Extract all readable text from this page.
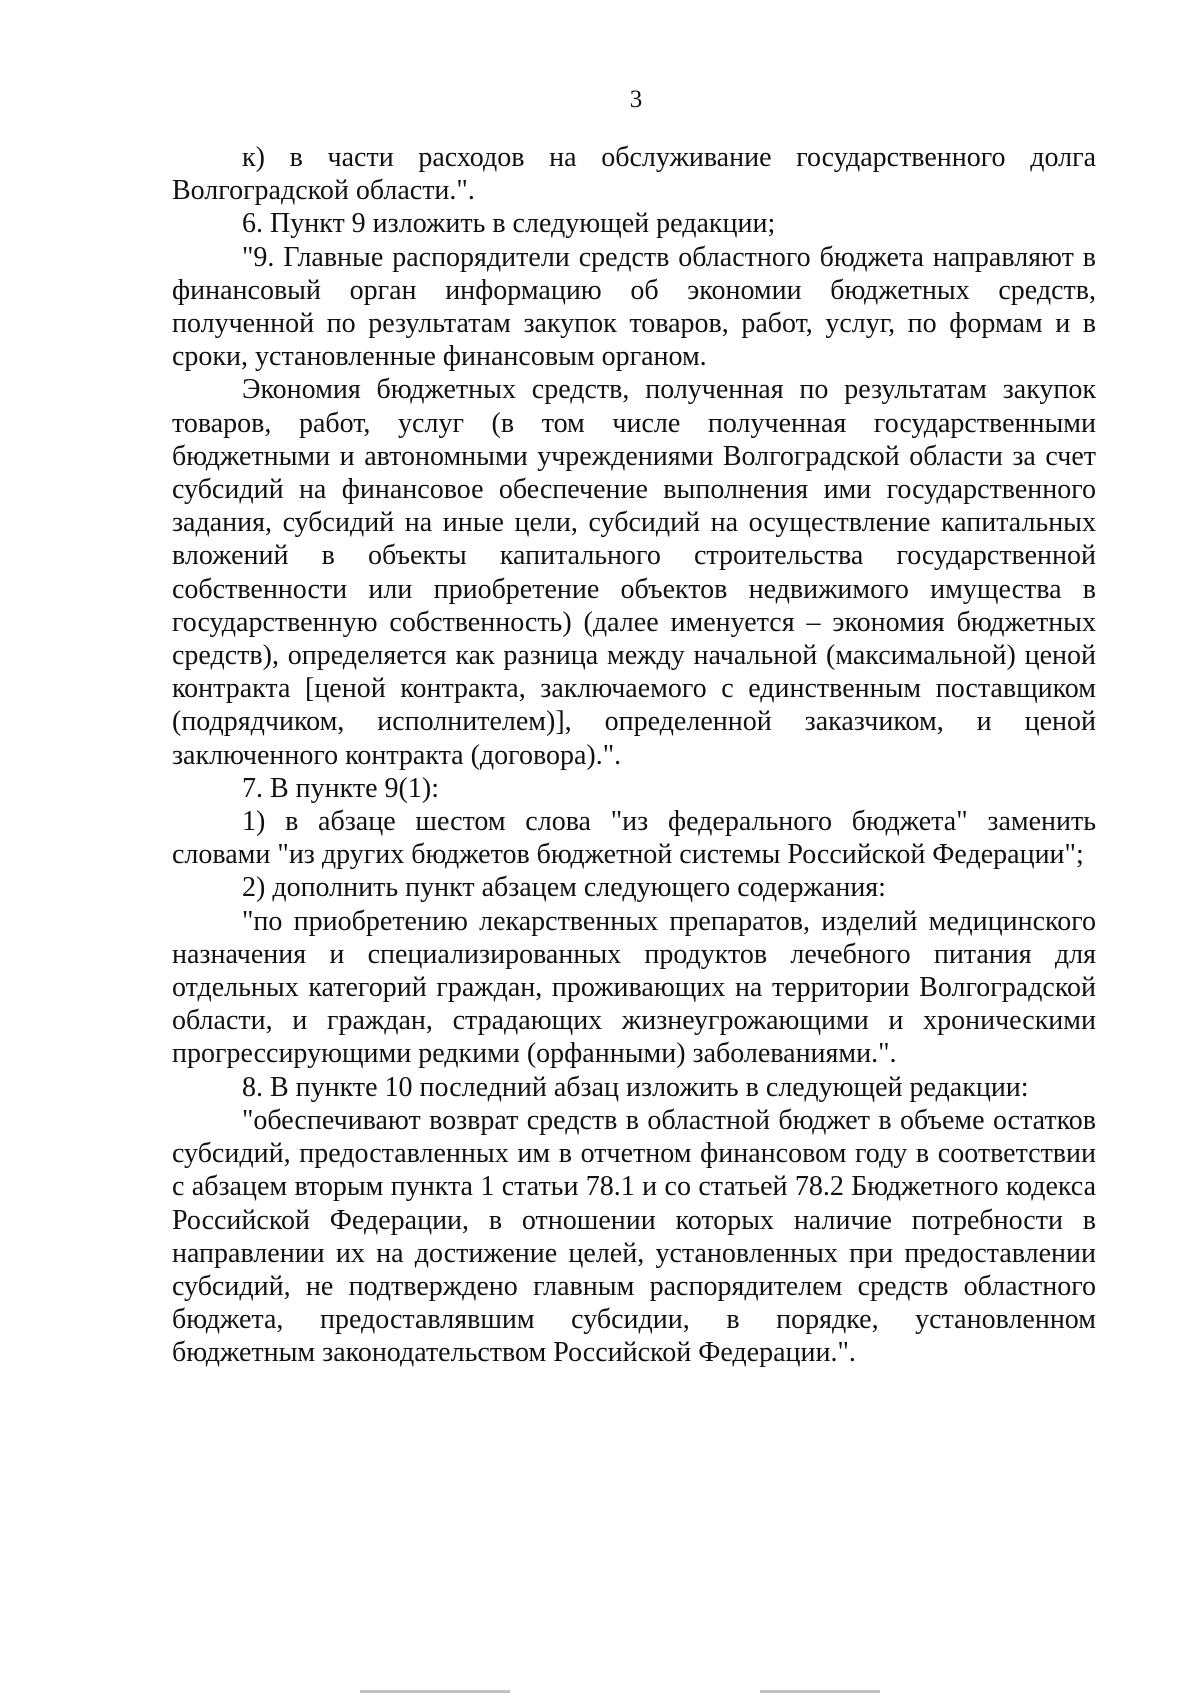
3

к) в части расходов на обслуживание государственного долга Волгоградской области.".

6. Пункт 9 изложить в следующей редакции;

"9. Главные распорядители средств областного бюджета направляют в финансовый орган информацию об экономии бюджетных средств, полученной по результатам закупок товаров, работ, услуг, по формам и в сроки, установленные финансовым органом.

Экономия бюджетных средств, полученная по результатам закупок товаров, работ, услуг (в том числе полученная государственными бюджетными и автономными учреждениями Волгоградской области за счет субсидий на финансовое обеспечение выполнения ими государственного задания, субсидий на иные цели, субсидий на осуществление капитальных вложений в объекты капитального строительства государственной собственности или приобретение объектов недвижимого имущества в государственную собственность) (далее именуется – экономия бюджетных средств), определяется как разница между начальной (максимальной) ценой контракта [ценой контракта, заключаемого с единственным поставщиком (подрядчиком, исполнителем)], определенной заказчиком, и ценой заключенного контракта (договора).".

7. В пункте 9(1):

1) в абзаце шестом слова "из федерального бюджета" заменить словами "из других бюджетов бюджетной системы Российской Федерации";

2) дополнить пункт абзацем следующего содержания:

"по приобретению лекарственных препаратов, изделий медицинского назначения и специализированных продуктов лечебного питания для отдельных категорий граждан, проживающих на территории Волгоградской области, и граждан, страдающих жизнеугрожающими и хроническими прогрессирующими редкими (орфанными) заболеваниями.".

8. В пункте 10 последний абзац изложить в следующей редакции:

"обеспечивают возврат средств в областной бюджет в объеме остатков субсидий, предоставленных им в отчетном финансовом году в соответствии с абзацем вторым пункта 1 статьи 78.1 и со статьей 78.2 Бюджетного кодекса Российской Федерации, в отношении которых наличие потребности в направлении их на достижение целей, установленных при предоставлении субсидий, не подтверждено главным распорядителем средств областного бюджета, предоставлявшим субсидии, в порядке, установленном бюджетным законодательством Российской Федерации.".
